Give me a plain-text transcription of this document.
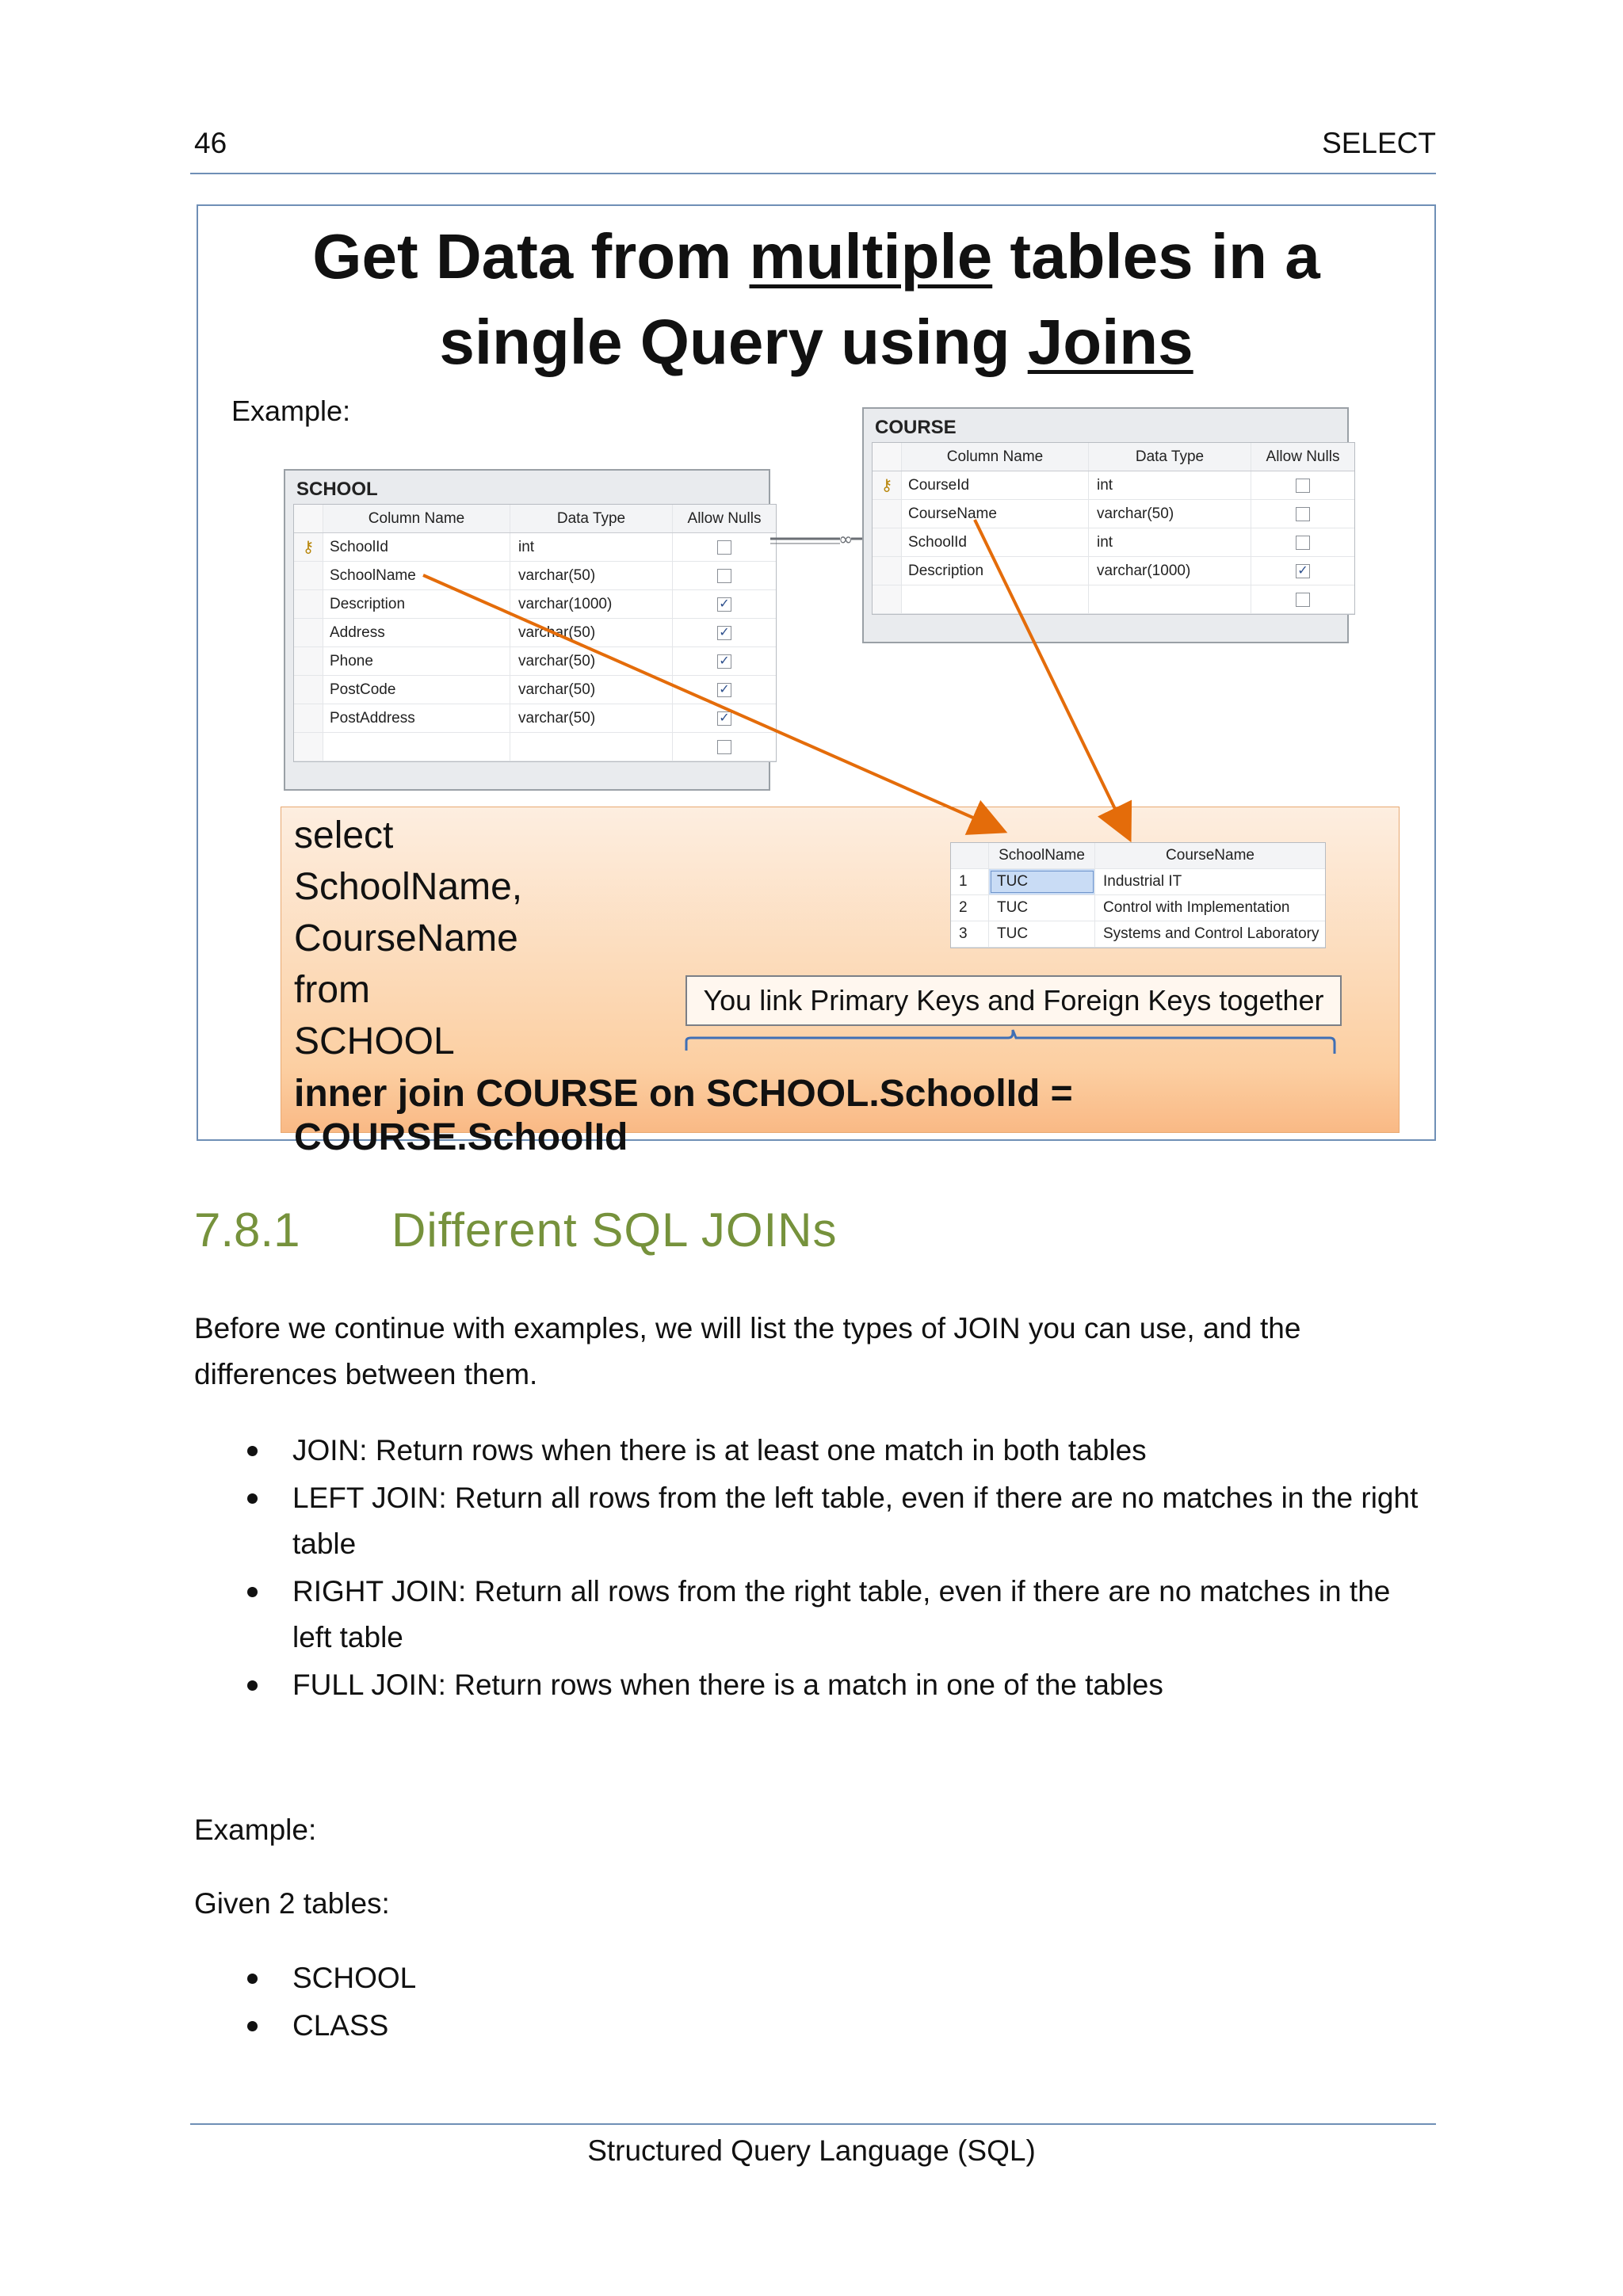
46	SELECT
Get Data from multiple tables in a
single Query using Joins
Example:
SCHOOL
Column Name	Data Type	Allow Nulls
⚷	SchoolId	int
SchoolName	varchar(50)
Description	varchar(1000)	✓
Address	varchar(50)	✓
Phone	varchar(50)	✓
PostCode	varchar(50)	✓
PostAddress	varchar(50)	✓
COURSE
Column Name	Data Type	Allow Nulls
⚷	CourseId	int
CourseName	varchar(50)
SchoolId	int
Description	varchar(1000)	✓
select
SchoolName,
CourseName
from
SCHOOL
inner join COURSE on SCHOOL.SchoolId = COURSE.SchoolId
SchoolName	CourseName
1	TUC	Industrial IT
2	TUC	Control with Implementation
3	TUC	Systems and Control Laboratory
You link Primary Keys and Foreign Keys together
∞
7.8.1 Different SQL JOINs
Before we continue with examples, we will list the types of JOIN you can use, and the differences between them.
JOIN: Return rows when there is at least one match in both tables
LEFT JOIN: Return all rows from the left table, even if there are no matches in the right table
RIGHT JOIN: Return all rows from the right table, even if there are no matches in the left table
FULL JOIN: Return rows when there is a match in one of the tables
Example:
Given 2 tables:
SCHOOL
CLASS
Structured Query Language (SQL)
